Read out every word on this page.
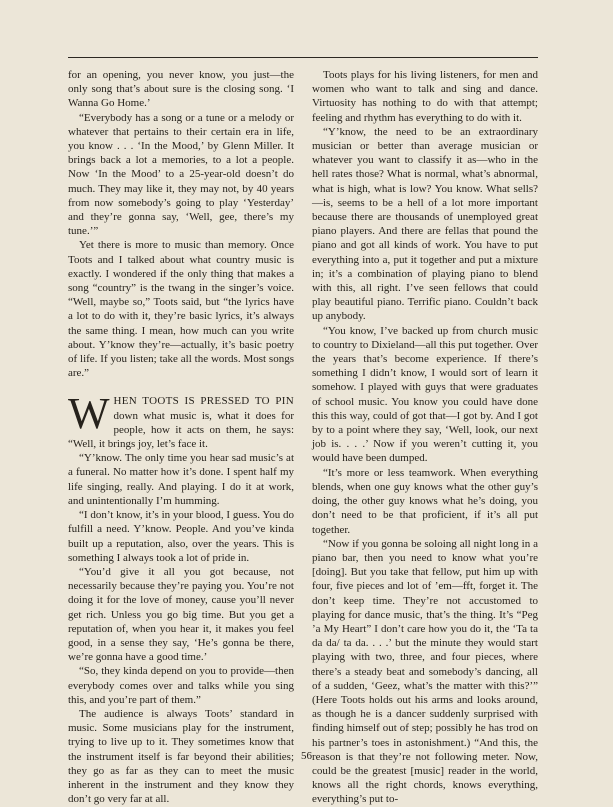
for an opening, you never know, you just—the only song that’s about sure is the closing song. ‘I Wanna Go Home.’

“Everybody has a song or a tune or a melody or whatever that pertains to their certain era in life, you know . . . ‘In the Mood,’ by Glenn Miller. It brings back a lot a memories, to a lot a people. Now ‘In the Mood’ to a 25-year-old doesn’t do much. They may like it, they may not, by 40 years from now somebody’s going to play ‘Yesterday’ and they’re gonna say, ‘Well, gee, there’s my tune.’”

Yet there is more to music than memory. Once Toots and I talked about what country music is exactly. I wondered if the only thing that makes a song “country” is the twang in the singer’s voice. “Well, maybe so,” Toots said, but “the lyrics have a lot to do with it, they’re basic lyrics, it’s always the same thing. I mean, how much can you write about. Y’know they’re—actually, it’s basic poetry of life. If you listen; take all the words. Most songs are.”

WHEN TOOTS IS PRESSED TO PIN down what music is, what it does for people, how it acts on them, he says: “Well, it brings joy, let’s face it.

“Y’know. The only time you hear sad music’s at a funeral. No matter how it’s done. I spent half my life singing, really. And playing. I do it at work, and unintentionally I’m humming.

“I don’t know, it’s in your blood, I guess. You do fulfill a need. Y’know. People. And you’ve kinda built up a reputation, also, over the years. This is something I always took a lot of pride in.

“You’d give it all you got because, not necessarily because they’re paying you. You’re not doing it for the love of money, cause you’ll never get rich. Unless you go big time. But you get a reputation of, when you hear it, it makes you feel good, in a sense they say, ‘He’s gonna be there, we’re gonna have a good time.’

“So, they kinda depend on you to provide—then everybody comes over and talks while you sing this, and you’re part of them.”

The audience is always Toots’ standard in music. Some musicians play for the instrument, trying to live up to it. They sometimes know that the instrument itself is far beyond their abilities; they go as far as they can to meet the music inherent in the instrument and they know they don’t go very far at all.

Toots plays for his living listeners, for men and women who want to talk and sing and dance. Virtuosity has nothing to do with that attempt; feeling and rhythm has everything to do with it.

“Y’know, the need to be an extraordinary musician or better than average musician or whatever you want to classify it as—who in the hell rates those? What is normal, what’s abnormal, what is high, what is low? You know. What sells?—is, seems to be a hell of a lot more important because there are thousands of unemployed great piano players. And there are fellas that pound the piano and got all kinds of work. You have to put everything into a, put it together and put a mixture in; it’s a combination of playing piano to blend with this, all right. I’ve seen fellows that could play beautiful piano. Terrific piano. Couldn’t back up anybody.

“You know, I’ve backed up from church music to country to Dixieland—all this put together. Over the years that’s become experience. If there’s something I didn’t know, I would sort of learn it somehow. I played with guys that were graduates of school music. You know you could have done this this way, could of got that—I got by. And I got by to a point where they say, ‘Well, look, our next job is. . . .’ Now if you weren’t cutting it, you would have been dumped.

“It’s more or less teamwork. When everything blends, when one guy knows what the other guy’s doing, the other guy knows what he’s doing, you don’t need to be that proficient, if it’s all put together.

“Now if you gonna be soloing all night long in a piano bar, then you need to know what you’re [doing]. But you take that fellow, put him up with four, five pieces and lot of ’em—fft, forget it. The don’t keep time. They’re not accustomed to playing for dance music, that’s the thing. It’s “Peg ’a My Heart” I don’t care how you do it, the ‘Ta ta da da/ ta da. . . .’ but the minute they would start playing with two, three, and four pieces, where there’s a steady beat and somebody’s dancing, all of a sudden, ‘Geez, what’s the matter with this?’” (Here Toots holds out his arms and looks around, as though he is a dancer suddenly surprised with finding himself out of step; possibly he has trod on his partner’s toes in astonishment.) “And this, the reason is that they’re not following meter. Now, could be the greatest [music] reader in the world, knows all the right chords, knows everything, everything’s put to-

56
